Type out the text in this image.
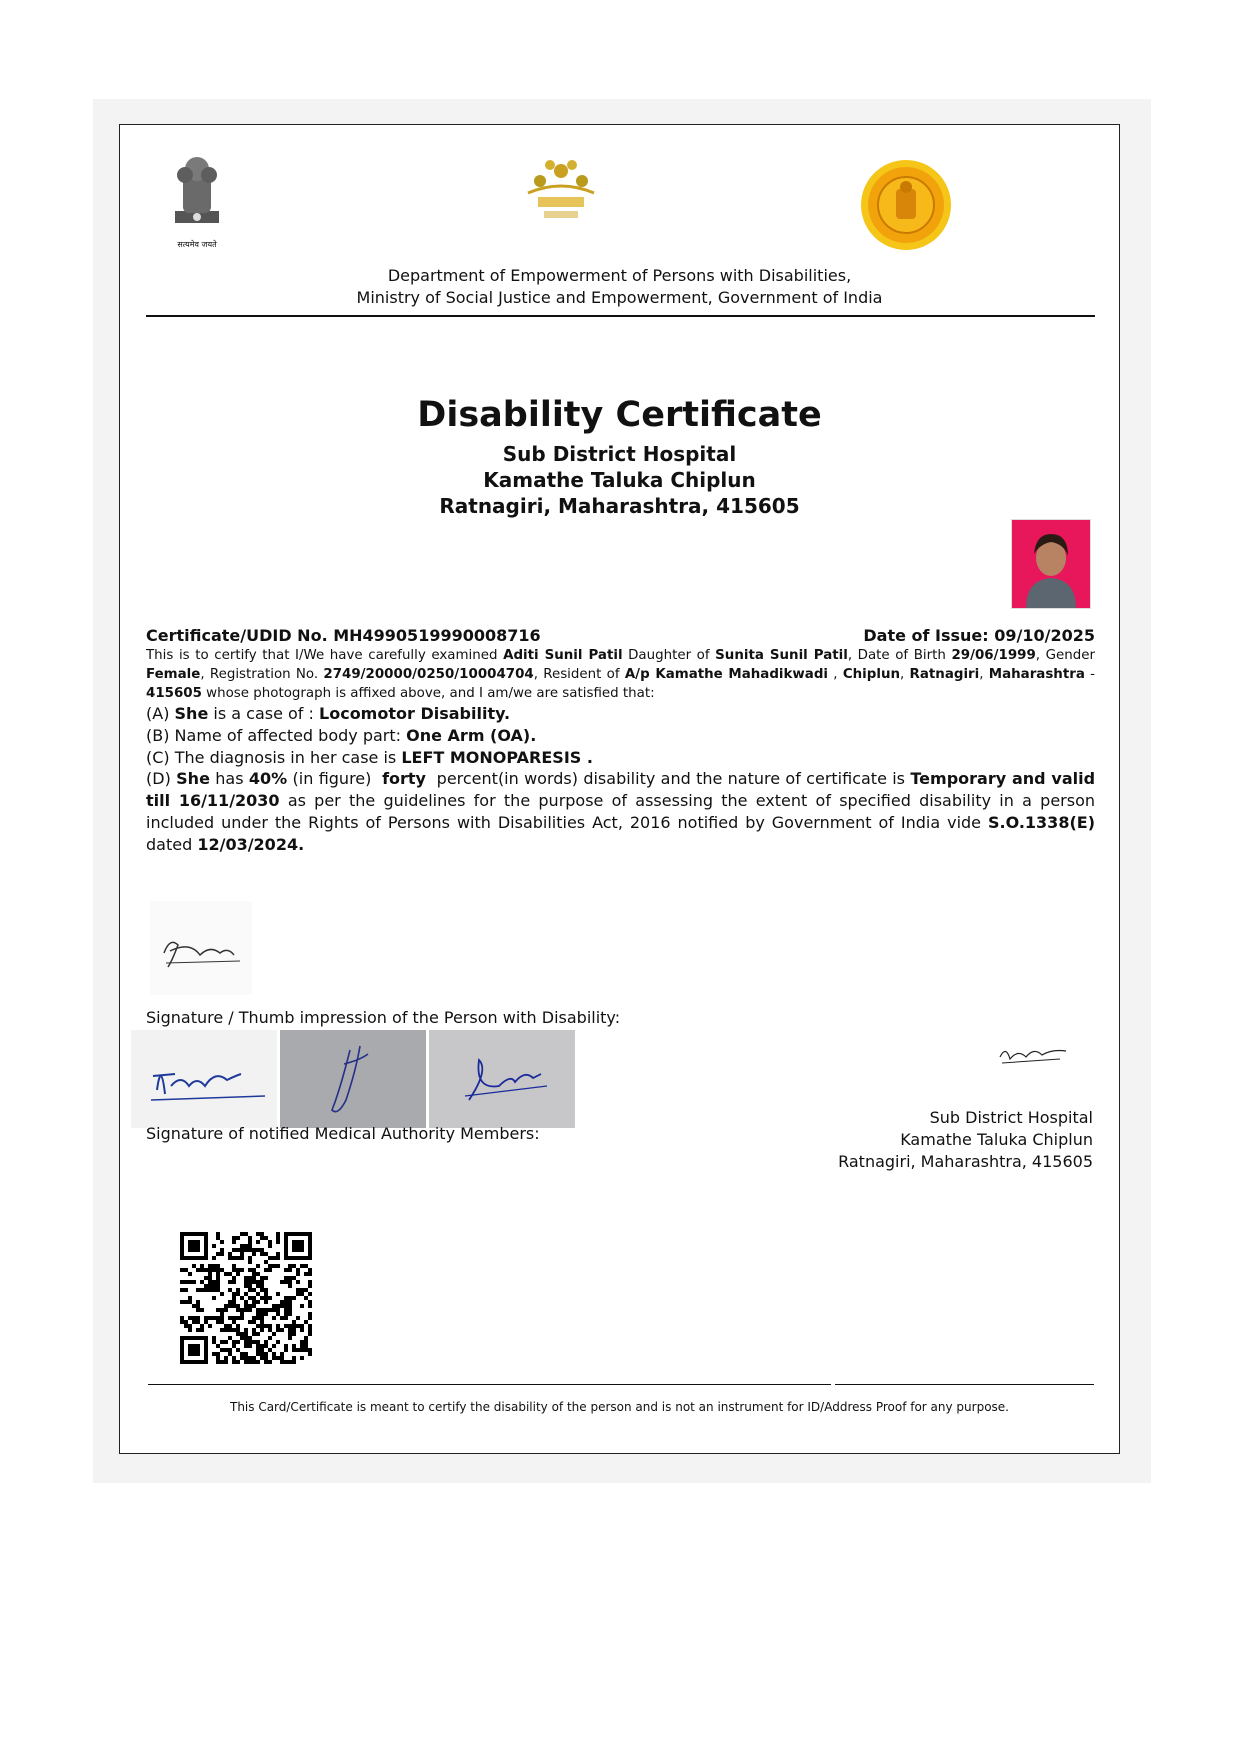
सत्यमेव जयते
Department of Empowerment of Persons with Disabilities,
Ministry of Social Justice and Empowerment, Government of India
Disability Certificate
Sub District Hospital
Kamathe Taluka Chiplun
Ratnagiri, Maharashtra, 415605
Certificate/UDID No. MH4990519990008716	Date of Issue: 09/10/2025
This is to certify that I/We have carefully examined Aditi Sunil Patil Daughter of Sunita Sunil Patil, Date of Birth 29/06/1999, Gender Female, Registration No. 2749/20000/0250/10004704, Resident of A/p Kamathe Mahadikwadi , Chiplun, Ratnagiri, Maharashtra - 415605 whose photograph is affixed above, and I am/we are satisfied that:
(A) She is a case of : Locomotor Disability.
(B) Name of affected body part: One Arm (OA).
(C) The diagnosis in her case is LEFT MONOPARESIS .
(D) She has 40% (in figure) forty percent(in words) disability and the nature of certificate is Temporary and valid till 16/11/2030 as per the guidelines for the purpose of assessing the extent of specified disability in a person included under the Rights of Persons with Disabilities Act, 2016 notified by Government of India vide S.O.1338(E) dated 12/03/2024.
Signature / Thumb impression of the Person with Disability:
Signature of notified Medical Authority Members:
Sub District Hospital
Kamathe Taluka Chiplun
Ratnagiri, Maharashtra, 415605
This Card/Certificate is meant to certify the disability of the person and is not an instrument for ID/Address Proof for any purpose.
